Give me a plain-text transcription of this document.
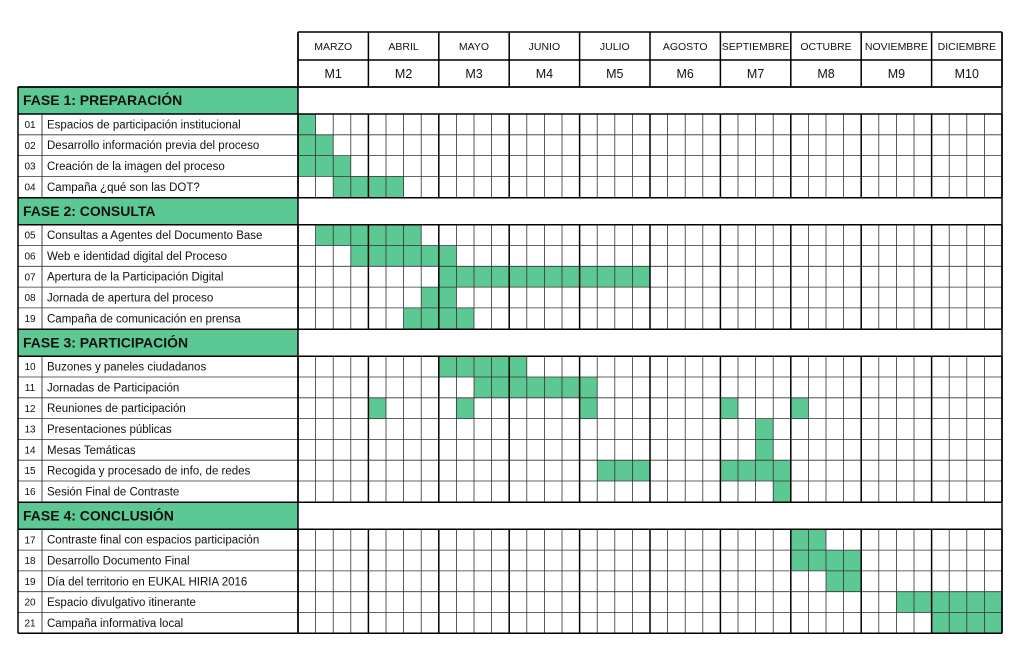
FASE 1: PREPARACIÓN
FASE 2: CONSULTA
FASE 3: PARTICIPACIÓN
FASE 4: CONCLUSIÓN
MARZO
M1
ABRIL
M2
MAYO
M3
JUNIO
M4
JULIO
M5
AGOSTO
M6
SEPTIEMBRE
M7
OCTUBRE
M8
NOVIEMBRE
M9
DICIEMBRE
M10
01 Espacios de participación institucional
02 Desarrollo información previa del proceso
03 Creación de la imagen del proceso
04 Campaña ¿qué son las DOT?
05 Consultas a Agentes del Documento Base
06 Web e identidad digital del Proceso
07 Apertura de la Participación Digital
08 Jornada de apertura del proceso
19 Campaña de comunicación en prensa
10 Buzones y paneles ciudadanos
11 Jornadas de Participación
12 Reuniones de participación
13 Presentaciones públicas
14 Mesas Temáticas
15 Recogida y procesado de info, de redes
16 Sesión Final de Contraste
17 Contraste final con espacios participación
18 Desarrollo Documento Final
19 Día del territorio en EUKAL HIRIA 2016
20 Espacio divulgativo itinerante
21 Campaña informativa local
